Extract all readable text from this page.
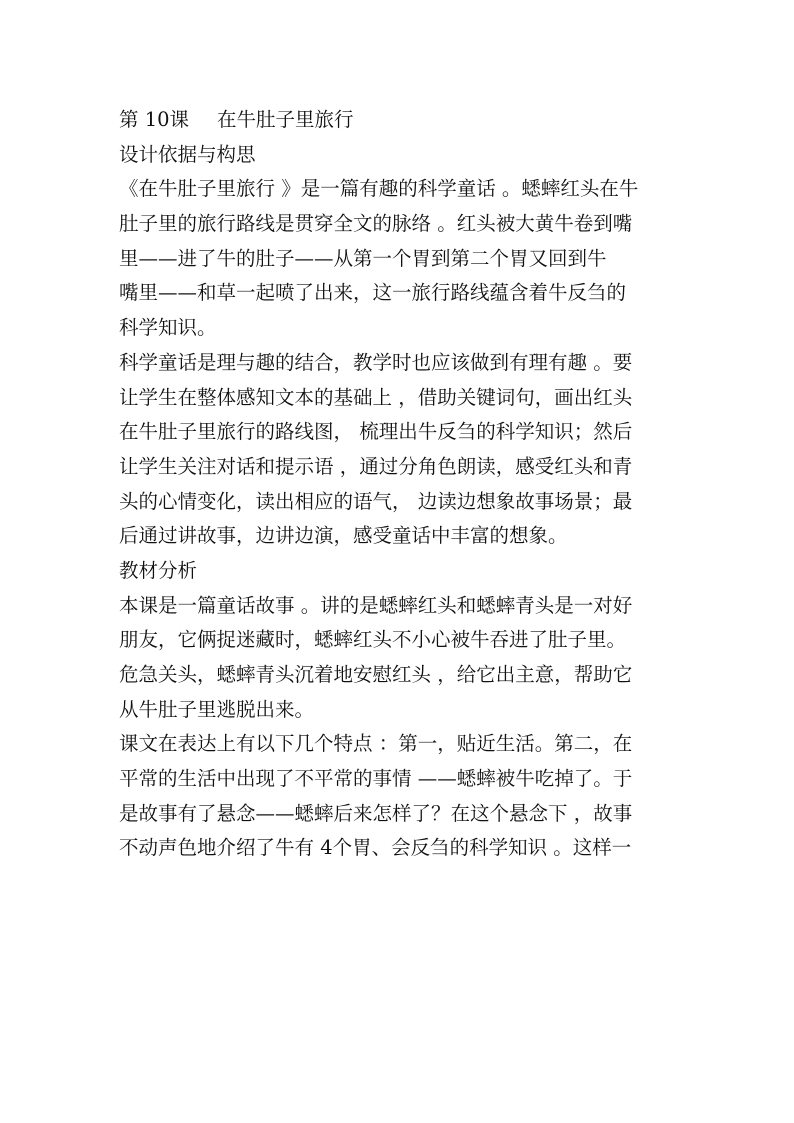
第 10课 在牛肚子里旅行
设计依据与构思
《在牛肚子里旅行 》是一篇有趣的科学童话 。蟋蟀红头在牛
肚子里的旅行路线是贯穿全文的脉络 。红头被大黄牛卷到嘴
里——进了牛的肚子——从第一个胃到第二个胃又回到牛
嘴里——和草一起喷了出来，这一旅行路线蕴含着牛反刍的
科学知识。
科学童话是理与趣的结合，教学时也应该做到有理有趣 。要
让学生在整体感知文本的基础上 ，借助关键词句，画出红头
在牛肚子里旅行的路线图， 梳理出牛反刍的科学知识；然后
让学生关注对话和提示语 ，通过分角色朗读，感受红头和青
头的心情变化，读出相应的语气， 边读边想象故事场景；最
后通过讲故事，边讲边演，感受童话中丰富的想象。
教材分析
本课是一篇童话故事 。讲的是蟋蟀红头和蟋蟀青头是一对好
朋友，它俩捉迷藏时，蟋蟀红头不小心被牛吞进了肚子里。
危急关头，蟋蟀青头沉着地安慰红头 ，给它出主意，帮助它
从牛肚子里逃脱出来。
课文在表达上有以下几个特点 ：第一，贴近生活。第二，在
平常的生活中出现了不平常的事情 ——蟋蟀被牛吃掉了。于
是故事有了悬念——蟋蟀后来怎样了？在这个悬念下 ，故事
不动声色地介绍了牛有 4个胃、会反刍的科学知识 。这样一
